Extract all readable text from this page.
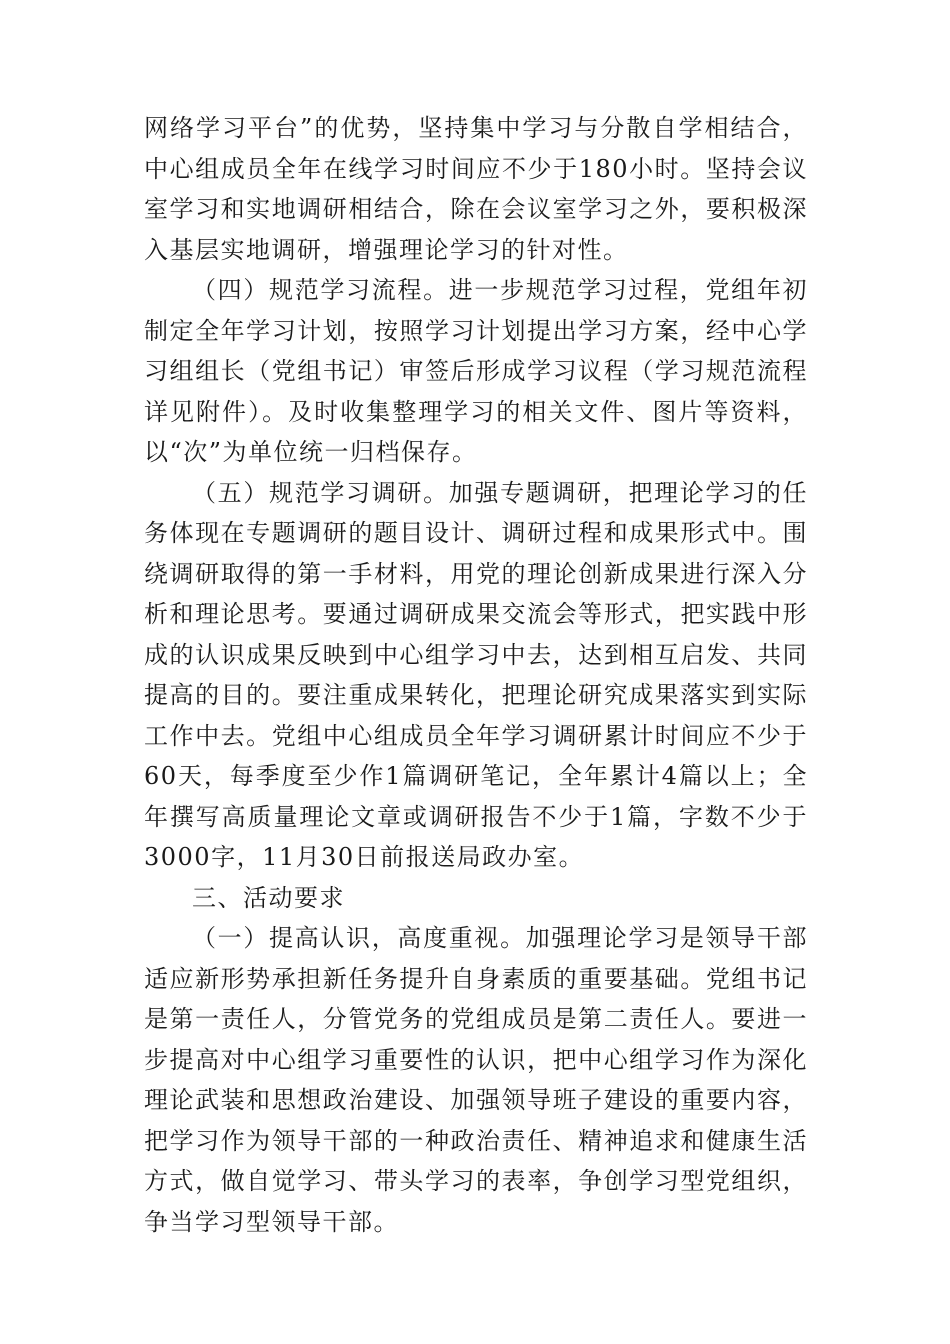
网络学习平台”的优势，坚持集中学习与分散自学相结合，中心组成员全年在线学习时间应不少于180小时。坚持会议室学习和实地调研相结合，除在会议室学习之外，要积极深入基层实地调研，增强理论学习的针对性。

（四）规范学习流程。进一步规范学习过程，党组年初制定全年学习计划，按照学习计划提出学习方案，经中心学习组组长（党组书记）审签后形成学习议程（学习规范流程详见附件）。及时收集整理学习的相关文件、图片等资料，以“次”为单位统一归档保存。

（五）规范学习调研。加强专题调研，把理论学习的任务体现在专题调研的题目设计、调研过程和成果形式中。围绕调研取得的第一手材料，用党的理论创新成果进行深入分析和理论思考。要通过调研成果交流会等形式，把实践中形成的认识成果反映到中心组学习中去，达到相互启发、共同提高的目的。要注重成果转化，把理论研究成果落实到实际工作中去。党组中心组成员全年学习调研累计时间应不少于60天，每季度至少作1篇调研笔记，全年累计4篇以上；全年撰写高质量理论文章或调研报告不少于1篇，字数不少于3000字，11月30日前报送局政办室。

三、活动要求

（一）提高认识，高度重视。加强理论学习是领导干部适应新形势承担新任务提升自身素质的重要基础。党组书记是第一责任人，分管党务的党组成员是第二责任人。要进一步提高对中心组学习重要性的认识，把中心组学习作为深化理论武装和思想政治建设、加强领导班子建设的重要内容，把学习作为领导干部的一种政治责任、精神追求和健康生活方式，做自觉学习、带头学习的表率，争创学习型党组织，争当学习型领导干部。
